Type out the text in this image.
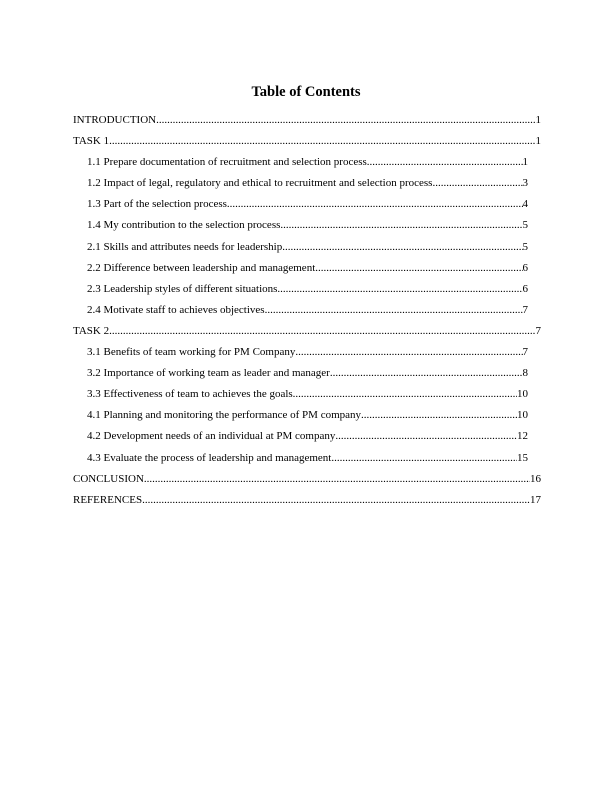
Table of Contents
INTRODUCTION .....	1
TASK 1 .....	1
1.1 Prepare documentation of recruitment and selection process .....	1
1.2 Impact of legal, regulatory and ethical to recruitment and selection process .....	3
1.3 Part of the selection process .....	4
1.4 My contribution to the selection process .....	5
2.1 Skills and attributes needs for leadership .....	5
2.2 Difference between leadership and management .....	6
2.3 Leadership styles of different situations .....	6
2.4 Motivate staff to achieves objectives .....	7
TASK 2 .....	7
3.1 Benefits of team working for PM Company .....	7
3.2 Importance of working team as leader and manager .....	8
3.3 Effectiveness of team to achieves the goals .....	10
4.1 Planning and monitoring the performance of PM company .....	10
4.2 Development needs of an individual at PM company .....	12
4.3 Evaluate the process of leadership and management .....	15
CONCLUSION .....	16
REFERENCES .....	17
